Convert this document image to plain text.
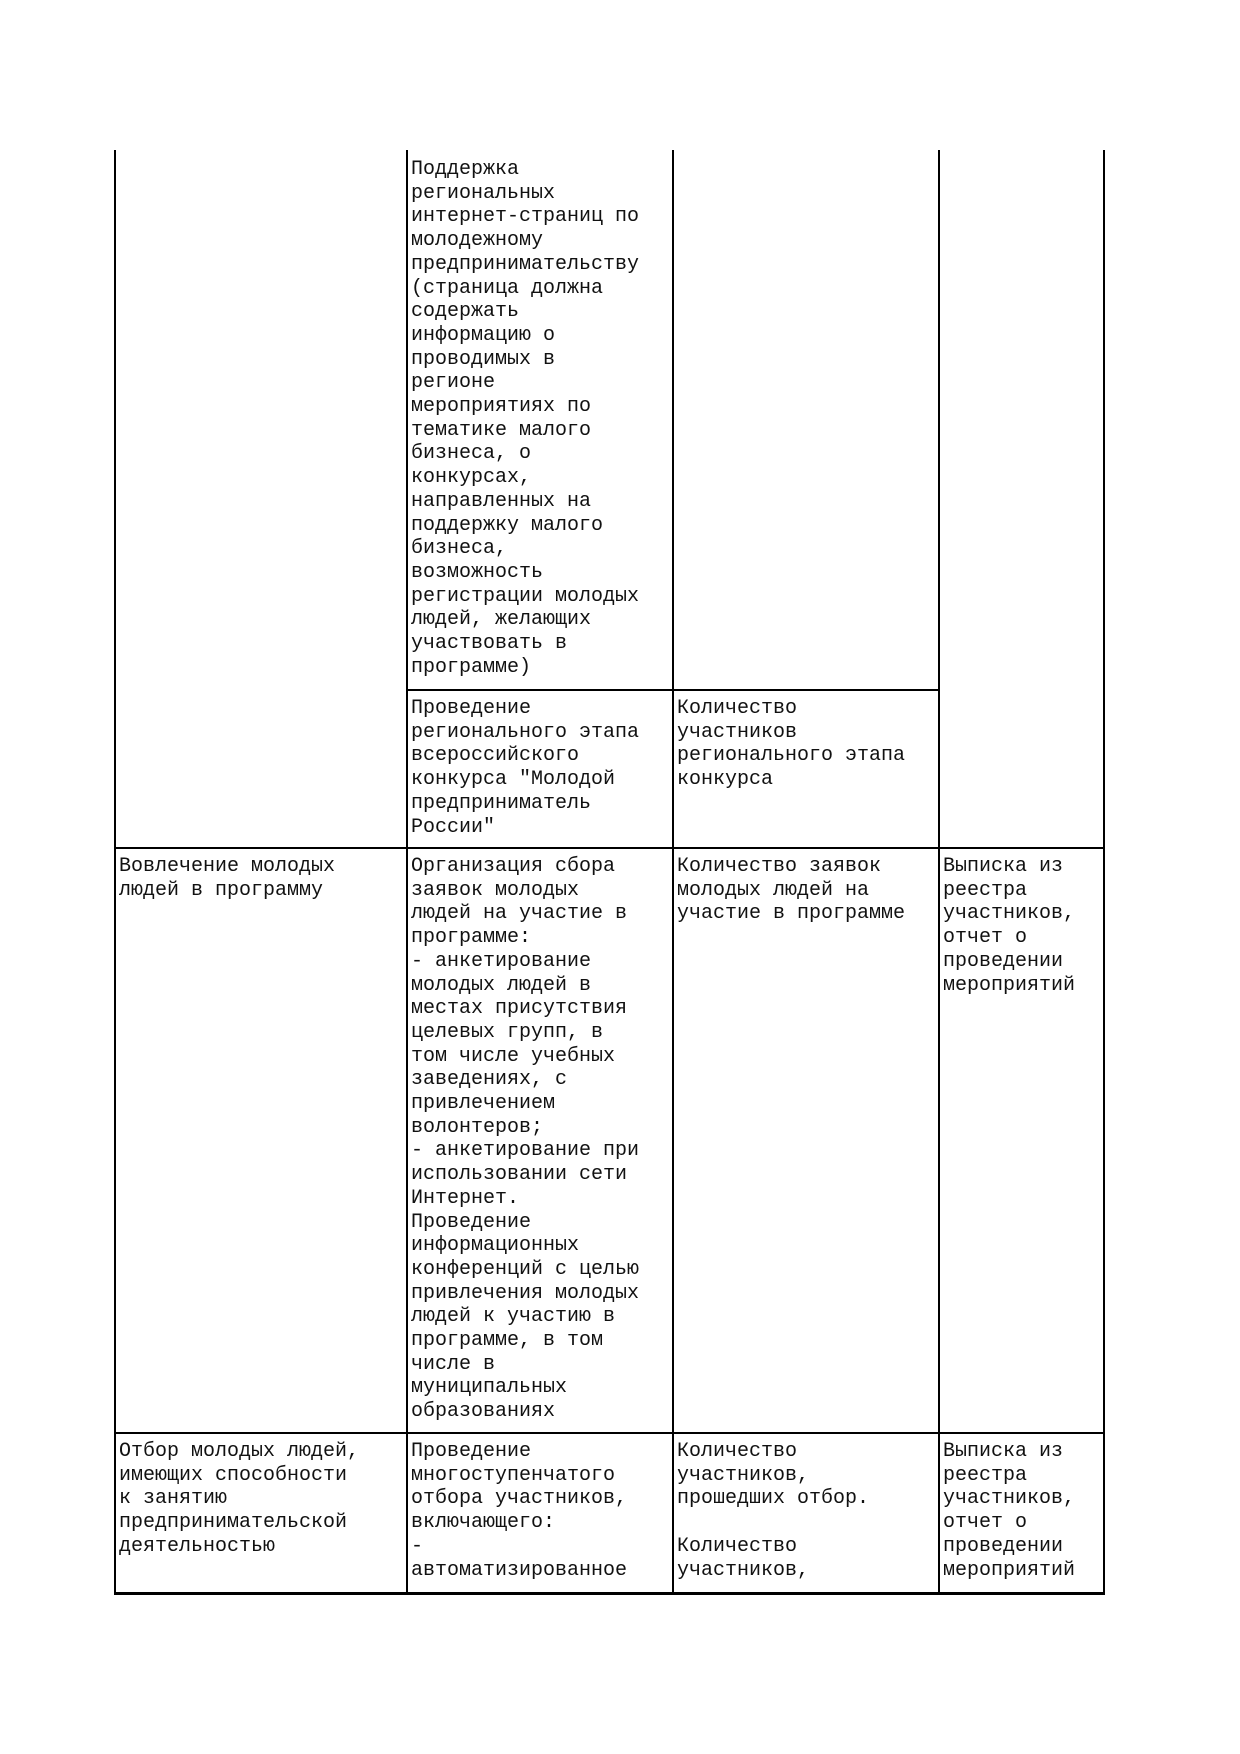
Поддержка
региональных
интернет-страниц по
молодежному
предпринимательству
(страница должна
содержать
информацию о
проводимых в
регионе
мероприятиях по
тематике малого
бизнеса, о
конкурсах,
направленных на
поддержку малого
бизнеса,
возможность
регистрации молодых
людей, желающих
участвовать в
программе)
Проведение
регионального этапа
всероссийского
конкурса "Молодой
предприниматель
России"
Количество
участников
регионального этапа
конкурса
Вовлечение молодых
людей в программу
Организация сбора
заявок молодых
людей на участие в
программе:
- анкетирование
молодых людей в
местах присутствия
целевых групп, в
том числе учебных
заведениях, с
привлечением
волонтеров;
- анкетирование при
использовании сети
Интернет.
Проведение
информационных
конференций с целью
привлечения молодых
людей к участию в
программе, в том
числе в
муниципальных
образованиях
Количество заявок
молодых людей на
участие в программе
Выписка из
реестра
участников,
отчет о
проведении
мероприятий
Отбор молодых людей,
имеющих способности
к занятию
предпринимательской
деятельностью
Проведение
многоступенчатого
отбора участников,
включающего:
-
автоматизированное
Количество
участников,
прошедших отбор.

Количество
участников,
Выписка из
реестра
участников,
отчет о
проведении
мероприятий
